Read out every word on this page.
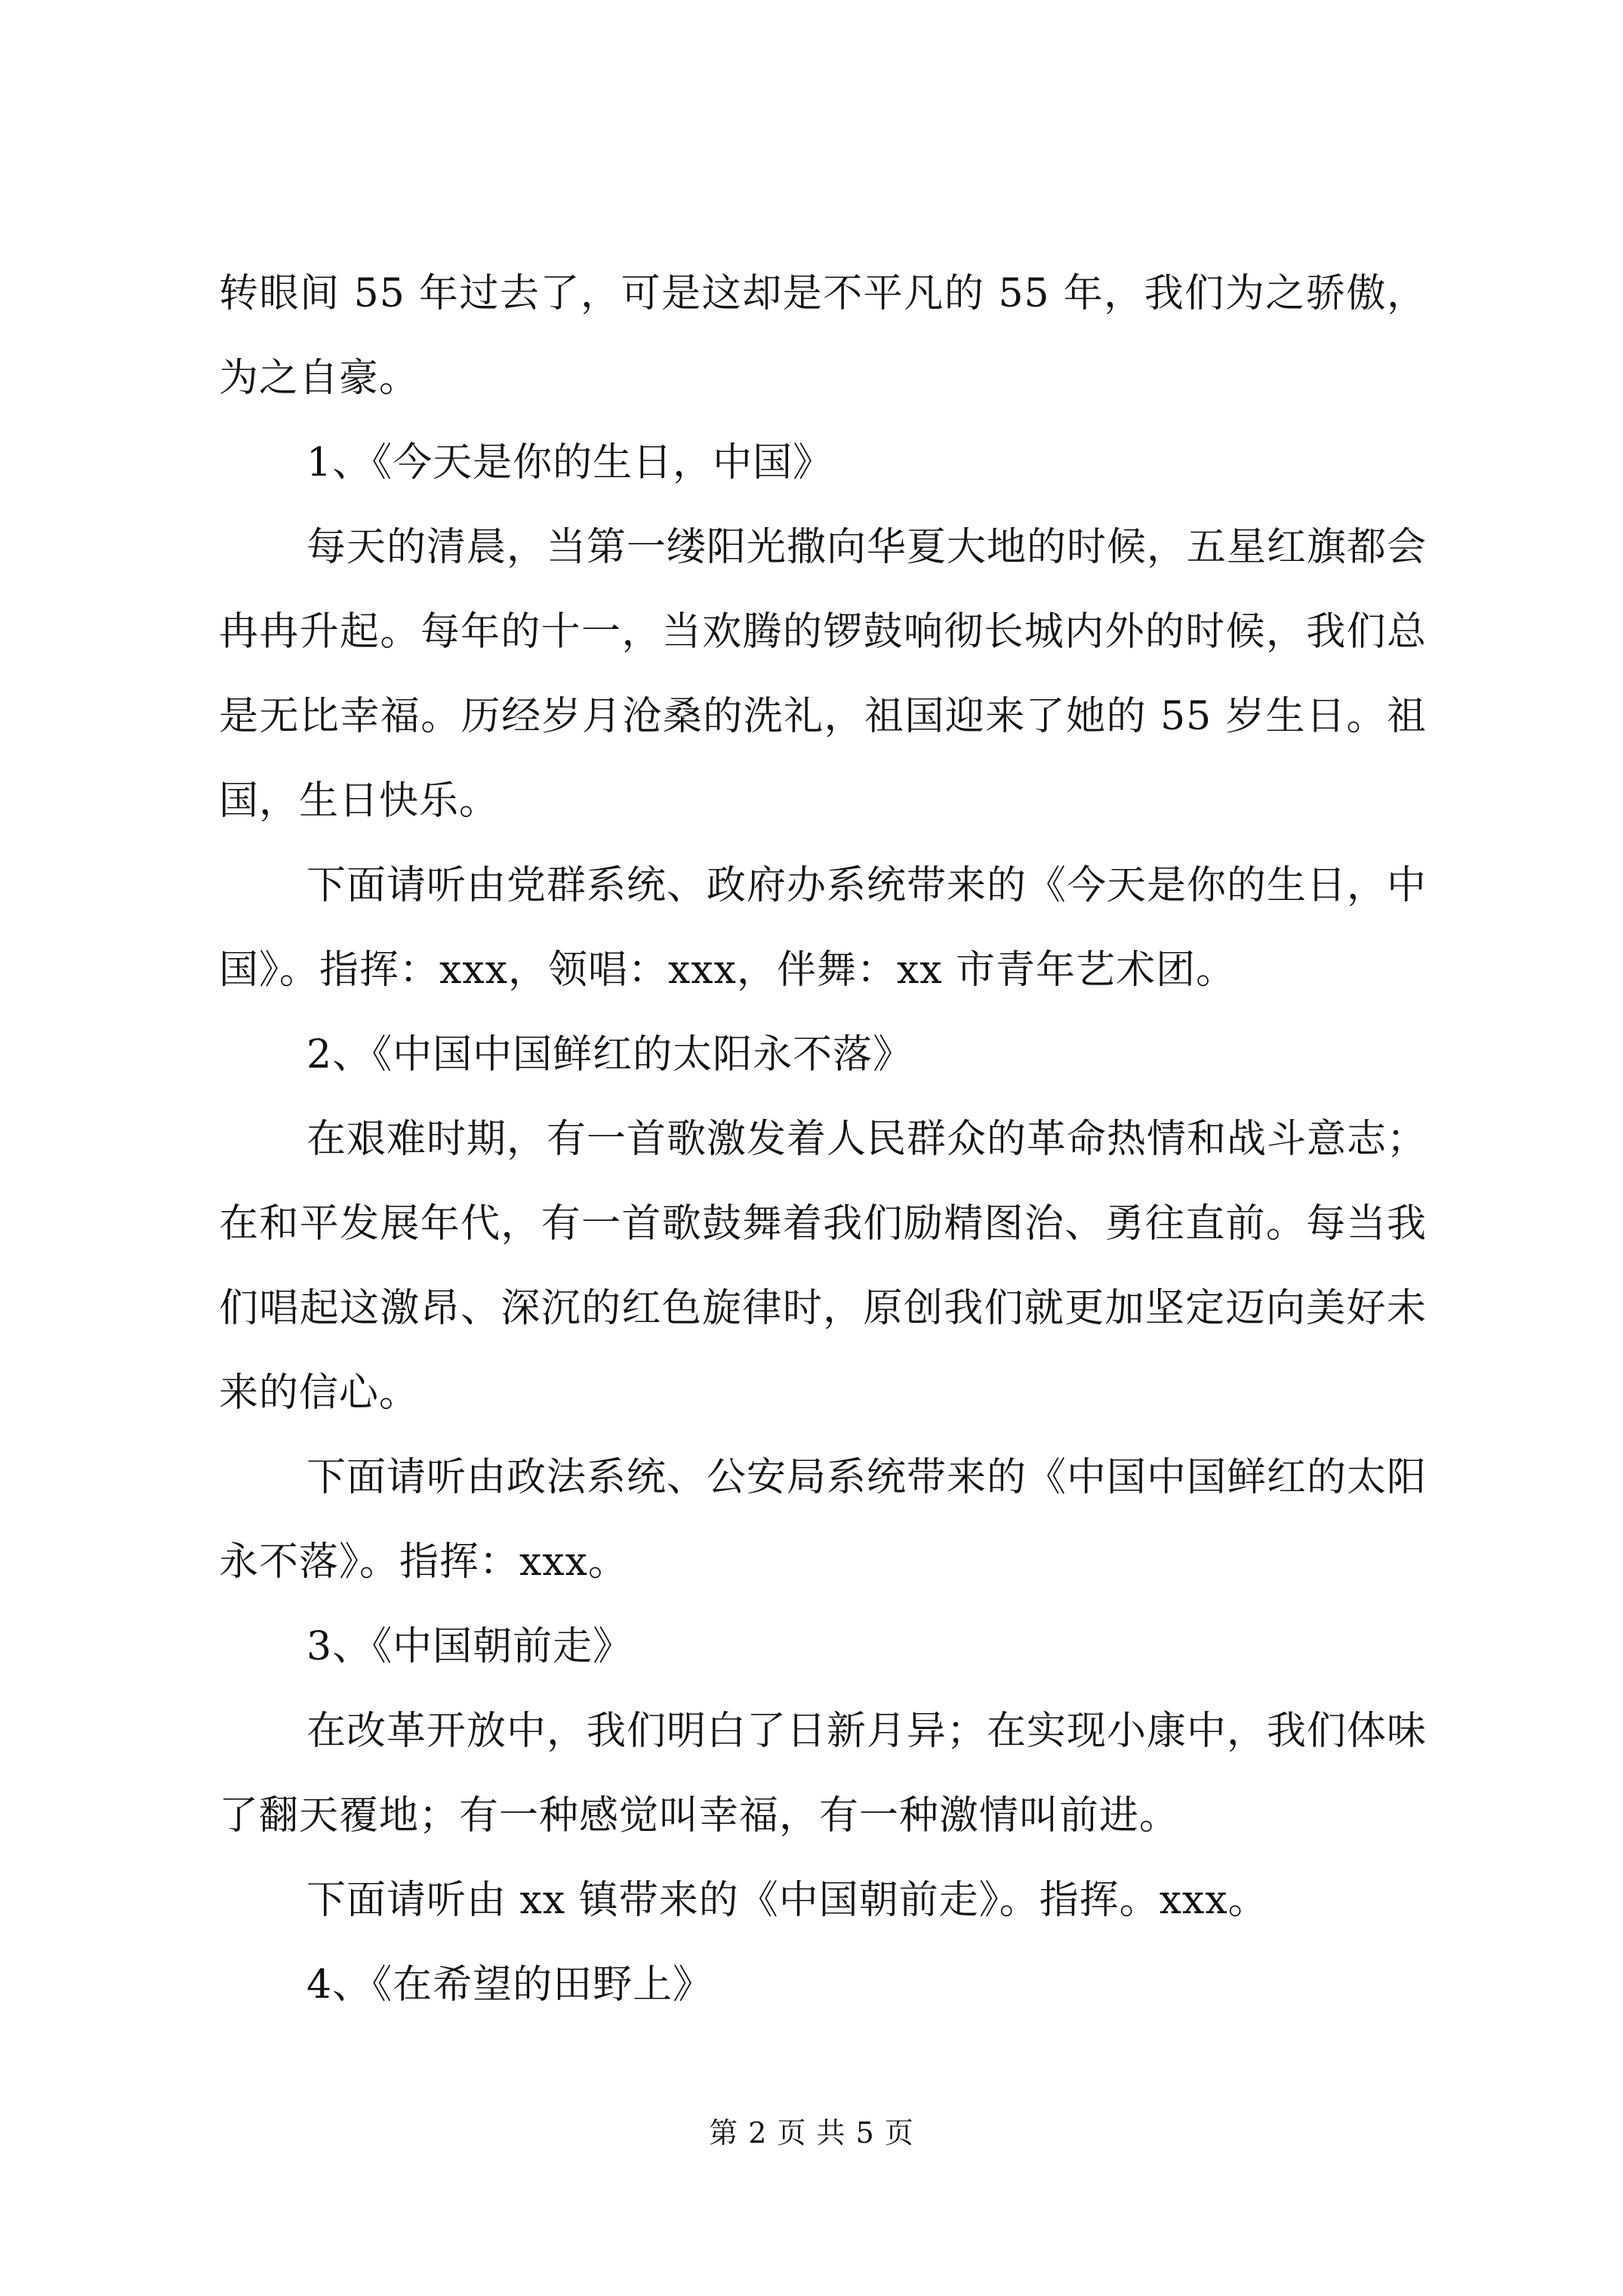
转眼间 55 年过去了，可是这却是不平凡的 55 年，我们为之骄傲，为之自豪。

1、《今天是你的生日，中国》

每天的清晨，当第一缕阳光撒向华夏大地的时候，五星红旗都会冉冉升起。每年的十一，当欢腾的锣鼓响彻长城内外的时候，我们总是无比幸福。历经岁月沧桑的洗礼，祖国迎来了她的 55 岁生日。祖国，生日快乐。

下面请听由党群系统、政府办系统带来的《今天是你的生日，中国》。指挥：xxx，领唱：xxx，伴舞：xx 市青年艺术团。

2、《中国中国鲜红的太阳永不落》

在艰难时期，有一首歌激发着人民群众的革命热情和战斗意志；在和平发展年代，有一首歌鼓舞着我们励精图治、勇往直前。每当我们唱起这激昂、深沉的红色旋律时，原创我们就更加坚定迈向美好未来的信心。

下面请听由政法系统、公安局系统带来的《中国中国鲜红的太阳永不落》。指挥：xxx。

3、《中国朝前走》

在改革开放中，我们明白了日新月异；在实现小康中，我们体味了翻天覆地；有一种感觉叫幸福，有一种激情叫前进。

下面请听由 xx 镇带来的《中国朝前走》。指挥。xxx。

4、《在希望的田野上》

第 2 页 共 5 页
